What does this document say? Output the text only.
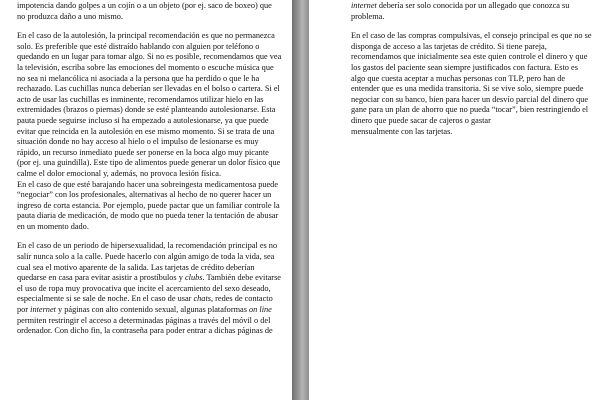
impotencia dando golpes a un cojín o a un objeto (por ej. saco de boxeo) que no produzca daño a uno mismo.

En el caso de la autolesión, la principal recomendación es que no permanezca solo. Es preferible que esté distraído hablando con alguien por teléfono o quedando en un lugar para tomar algo. Si no es posible, recomendamos que vea la televisión, escriba sobre las emociones del momento o escuche música que no sea ni melancólica ni asociada a la persona que ha perdido o que le ha rechazado. Las cuchillas nunca deberían ser llevadas en el bolso o cartera. Si el acto de usar las cuchillas es inminente, recomendamos utilizar hielo en las extremidades (brazos o piernas) donde se esté planteando autolesionarse. Esta pauta puede seguirse incluso si ha empezado a autolesionarse, ya que puede evitar que reincida en la autolesión en ese mismo momento. Si se trata de una situación donde no hay acceso al hielo o el impulso de lesionarse es muy rápido, un recurso inmediato puede ser ponerse en la boca algo muy picante (por ej. una guindilla). Este tipo de alimentos puede generar un dolor físico que calme el dolor emocional y, además, no provoca lesión física.
En el caso de que esté barajando hacer una sobreingesta medicamentosa puede “negociar” con los profesionales, alternativas al hecho de no querer hacer un ingreso de corta estancia. Por ejemplo, puede pactar que un familiar controle la pauta diaria de medicación, de modo que no pueda tener la tentación de abusar en un momento dado.

En el caso de un periodo de hipersexualidad, la recomendación principal es no salir nunca solo a la calle. Puede hacerlo con algún amigo de toda la vida, sea cual sea el motivo aparente de la salida. Las tarjetas de crédito deberían quedarse en casa para evitar asistir a prostíbulos y clubs. También debe evitarse el uso de ropa muy provocativa que incite el acercamiento del sexo deseado, especialmente si se sale de noche. En el caso de usar chats, redes de contacto por internet y páginas con alto contenido sexual, algunas plataformas on line permiten restringir el acceso a determinadas páginas a través del móvil o del ordenador. Con dicho fin, la contraseña para poder entrar a dichas páginas de

internet debería ser solo conocida por un allegado que conozca su problema.

En el caso de las compras compulsivas, el consejo principal es que no se disponga de acceso a las tarjetas de crédito. Si tiene pareja, recomendamos que inicialmente sea este quien controle el dinero y que los gastos del paciente sean siempre justificados con factura. Esto es algo que cuesta aceptar a muchas personas con TLP, pero han de entender que es una medida transitoria. Si se vive solo, siempre puede negociar con su banco, bien para hacer un desvío parcial del dinero que gane para un plan de ahorro que no pueda “tocar”, bien restringiendo el dinero que puede sacar de cajeros o gastar
mensualmente con las tarjetas.
